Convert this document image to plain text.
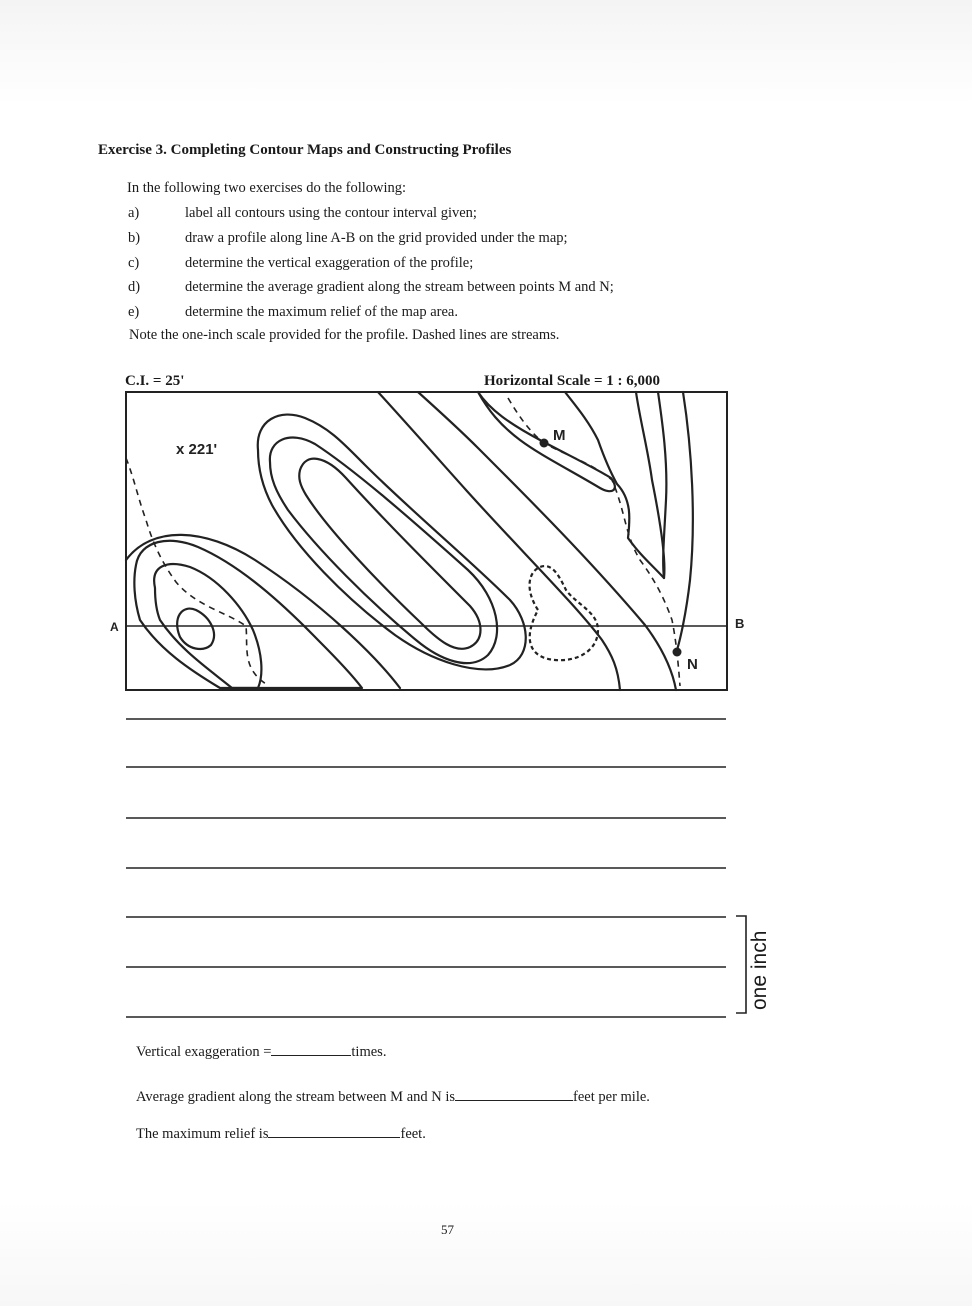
Exercise 3. Completing Contour Maps and Constructing Profiles
In the following two exercises do the following:
a)	label all contours using the contour interval given;
b)	draw a profile along line A-B on the grid provided under the map;
c)	determine the vertical exaggeration of the profile;
d)	determine the average gradient along the stream between points M and N;
e)	determine the maximum relief of the map area.
Note the one-inch scale provided for the profile. Dashed lines are streams.
C.I. = 25'	Horizontal Scale = 1 : 6,000
x 221'
M
N
A	B
one inch
Vertical exaggeration =	times.
Average gradient along the stream between M and N is	feet per mile.
The maximum relief is	feet.
57
